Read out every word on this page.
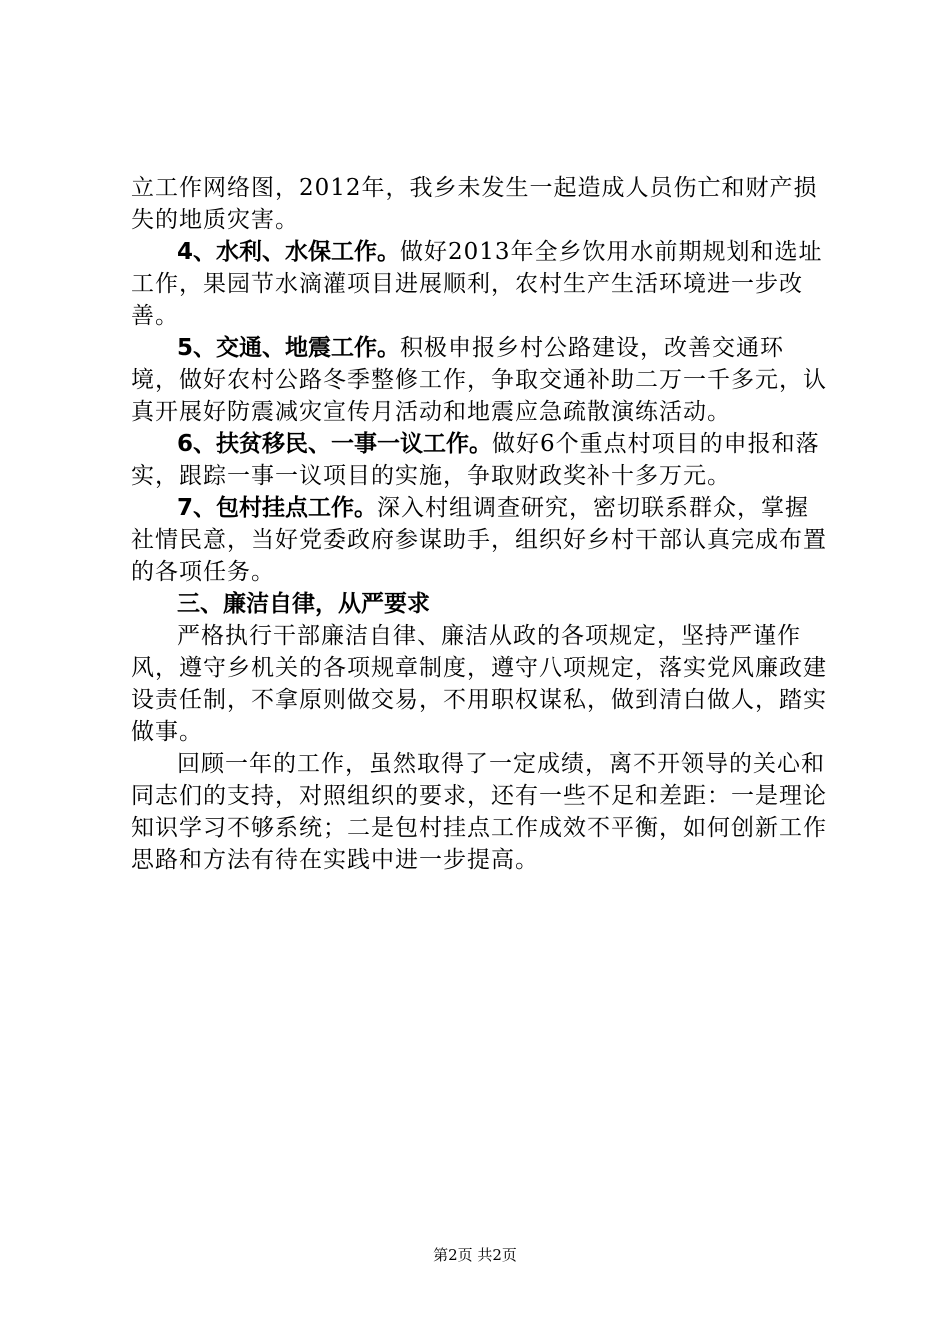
立工作网络图，2012年，我乡未发生一起造成人员伤亡和财产损失的地质灾害。

4、水利、水保工作。做好2013年全乡饮用水前期规划和选址工作，果园节水滴灌项目进展顺利，农村生产生活环境进一步改善。

5、交通、地震工作。积极申报乡村公路建设，改善交通环境，做好农村公路冬季整修工作，争取交通补助二万一千多元，认真开展好防震减灾宣传月活动和地震应急疏散演练活动。

6、扶贫移民、一事一议工作。做好6个重点村项目的申报和落实，跟踪一事一议项目的实施，争取财政奖补十多万元。

7、包村挂点工作。深入村组调查研究，密切联系群众，掌握社情民意，当好党委政府参谋助手，组织好乡村干部认真完成布置的各项任务。

三、廉洁自律，从严要求

严格执行干部廉洁自律、廉洁从政的各项规定，坚持严谨作风，遵守乡机关的各项规章制度，遵守八项规定，落实党风廉政建设责任制，不拿原则做交易，不用职权谋私，做到清白做人，踏实做事。

回顾一年的工作，虽然取得了一定成绩，离不开领导的关心和同志们的支持，对照组织的要求，还有一些不足和差距：一是理论知识学习不够系统；二是包村挂点工作成效不平衡，如何创新工作思路和方法有待在实践中进一步提高。

第2页 共2页
